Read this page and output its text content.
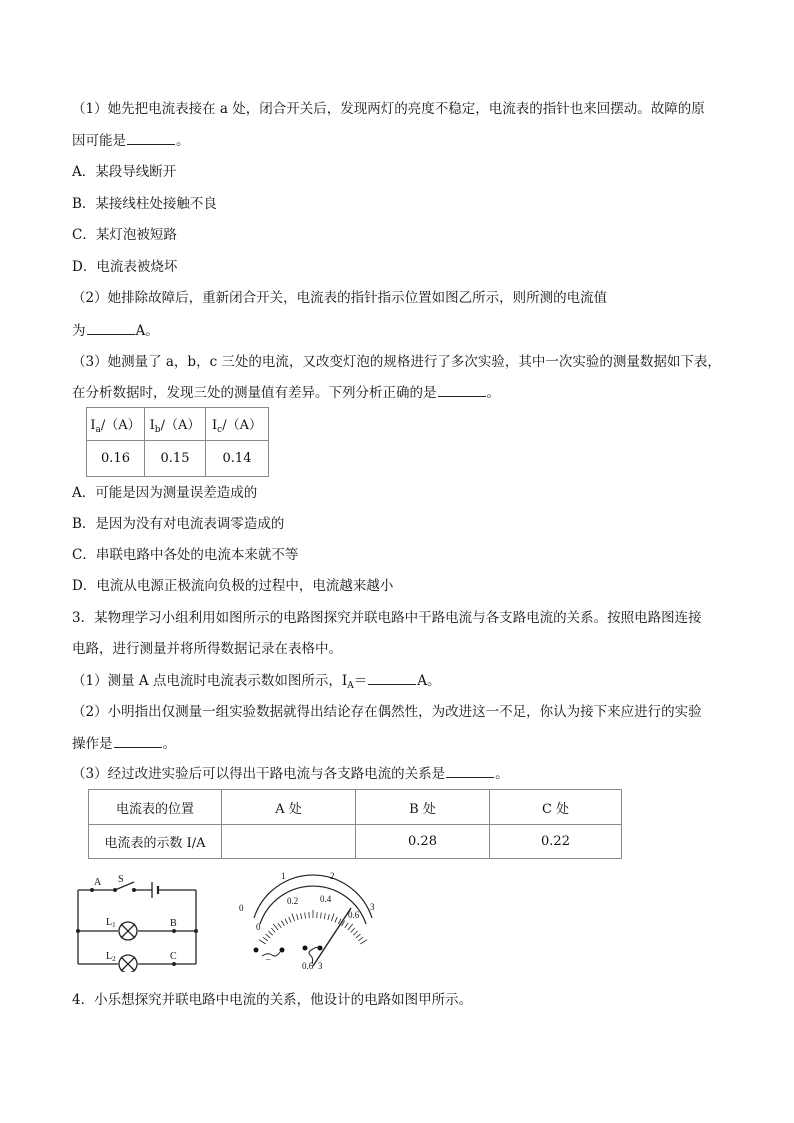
（1）她先把电流表接在 a 处，闭合开关后，发现两灯的亮度不稳定，电流表的指针也来回摆动。故障的原
因可能是	。
A．某段导线断开
B．某接线柱处接触不良
C．某灯泡被短路
D．电流表被烧坏
（2）她排除故障后，重新闭合开关，电流表的指针指示位置如图乙所示，则所测的电流值
为	A。
（3）她测量了 a，b，c 三处的电流，又改变灯泡的规格进行了多次实验，其中一次实验的测量数据如下表，
在分析数据时，发现三处的测量值有差异。下列分析正确的是	。
$I_a/(A)$	$I_b/(A)$	$I_c/(A)$
0.16	0.15	0.14
A．可能是因为测量误差造成的
B．是因为没有对电流表调零造成的
C．串联电路中各处的电流本来就不等
D．电流从电源正极流向负极的过程中，电流越来越小
3．某物理学习小组利用如图所示的电路图探究并联电路中干路电流与各支路电流的关系。按照电路图连接
电路，进行测量并将所得数据记录在表格中。
（1）测量 A 点电流时电流表示数如图所示，$I_A=$	A。
（2）小明指出仅测量一组实验数据就得出结论存在偶然性，为改进这一不足，你认为接下来应进行的实验
操作是	。
（3）经过改进实验后可以得出干路电流与各支路电流的关系是	。
电流表的位置	A 处	B 处	C 处
电流表的示数 I/A		0.28	0.22
A S
$L_1$	B
$L_2$	C
0
1	2
3
0
0.2 0.4
0.6
–
0.6 3
4．小乐想探究并联电路中电流的关系，他设计的电路如图甲所示。
